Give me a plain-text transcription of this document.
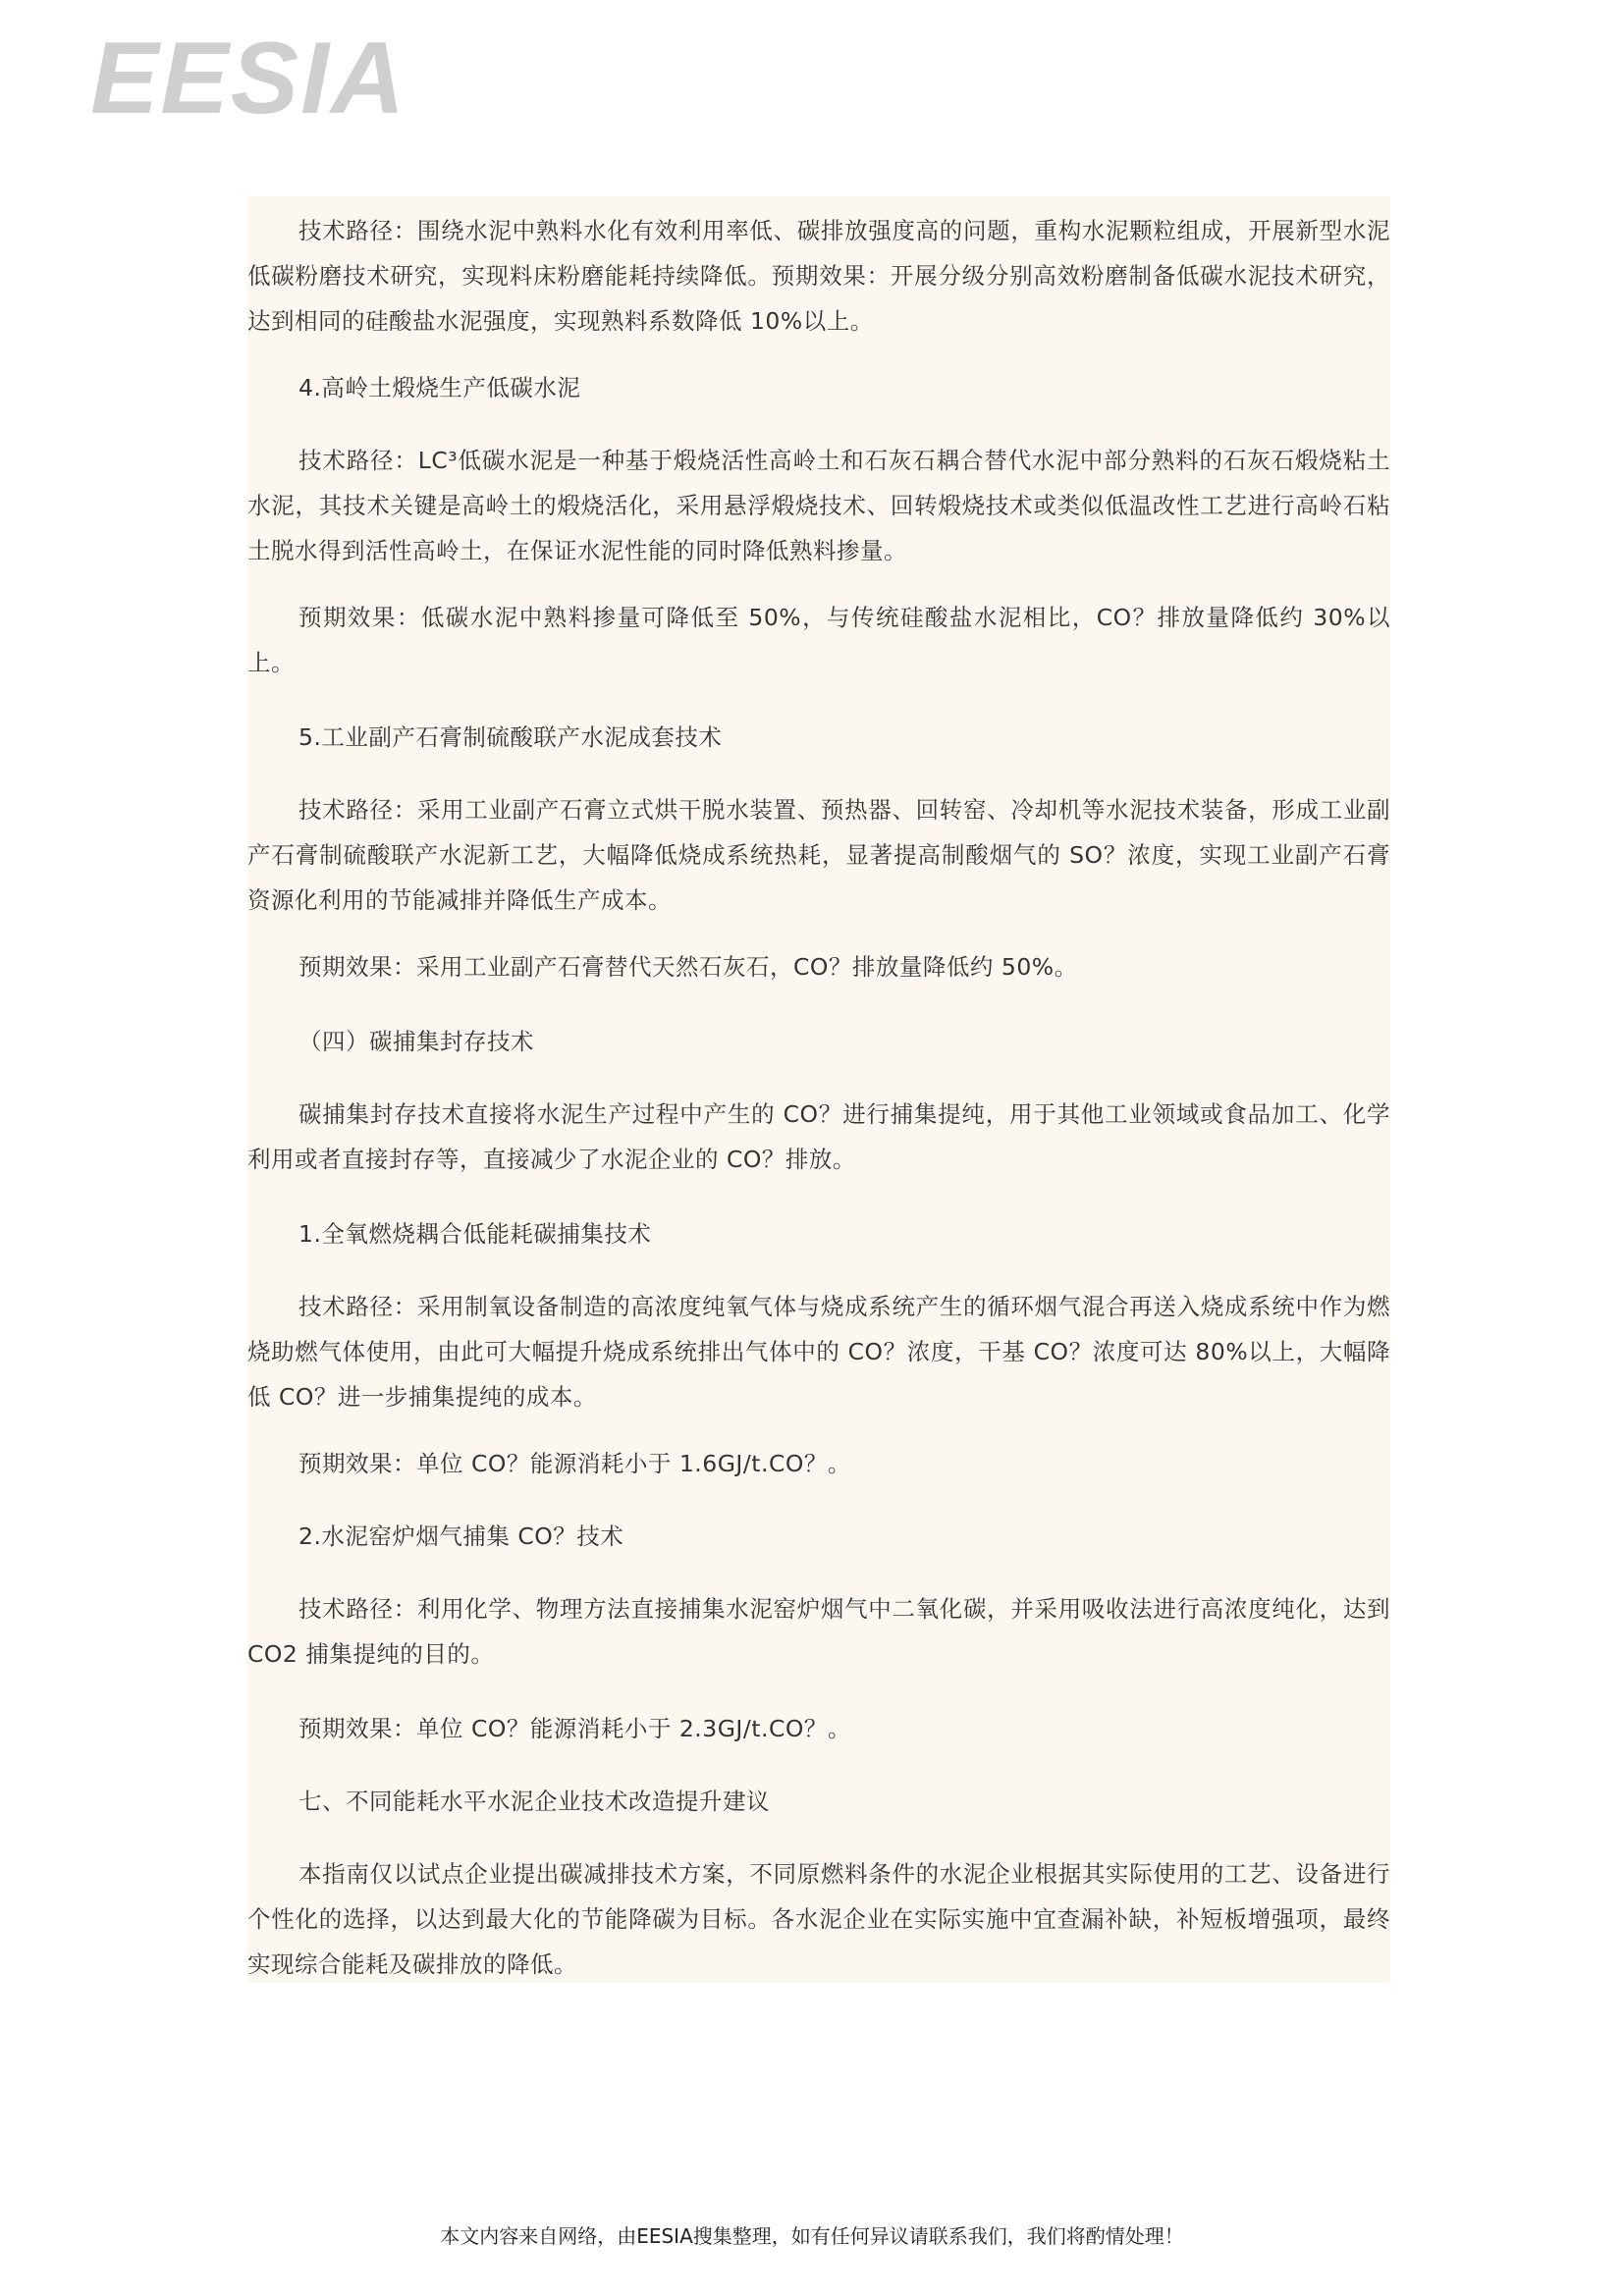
EESIA

技术路径：围绕水泥中熟料水化有效利用率低、碳排放强度高的问题，重构水泥颗粒组成，开展新型水泥低碳粉磨技术研究，实现料床粉磨能耗持续降低。预期效果：开展分级分别高效粉磨制备低碳水泥技术研究，达到相同的硅酸盐水泥强度，实现熟料系数降低 10%以上。

4.高岭土煅烧生产低碳水泥

技术路径：LC³低碳水泥是一种基于煅烧活性高岭土和石灰石耦合替代水泥中部分熟料的石灰石煅烧粘土水泥，其技术关键是高岭土的煅烧活化，采用悬浮煅烧技术、回转煅烧技术或类似低温改性工艺进行高岭石粘土脱水得到活性高岭土，在保证水泥性能的同时降低熟料掺量。

预期效果：低碳水泥中熟料掺量可降低至 50%，与传统硅酸盐水泥相比，CO？排放量降低约 30%以上。

5.工业副产石膏制硫酸联产水泥成套技术

技术路径：采用工业副产石膏立式烘干脱水装置、预热器、回转窑、冷却机等水泥技术装备，形成工业副产石膏制硫酸联产水泥新工艺，大幅降低烧成系统热耗，显著提高制酸烟气的 SO？浓度，实现工业副产石膏资源化利用的节能减排并降低生产成本。

预期效果：采用工业副产石膏替代天然石灰石，CO？排放量降低约 50%。

（四）碳捕集封存技术

碳捕集封存技术直接将水泥生产过程中产生的 CO？进行捕集提纯，用于其他工业领域或食品加工、化学利用或者直接封存等，直接减少了水泥企业的 CO？排放。

1.全氧燃烧耦合低能耗碳捕集技术

技术路径：采用制氧设备制造的高浓度纯氧气体与烧成系统产生的循环烟气混合再送入烧成系统中作为燃烧助燃气体使用，由此可大幅提升烧成系统排出气体中的 CO？浓度，干基 CO？浓度可达 80%以上，大幅降低 CO？进一步捕集提纯的成本。

预期效果：单位 CO？能源消耗小于 1.6GJ/t.CO？。

2.水泥窑炉烟气捕集 CO？技术

技术路径：利用化学、物理方法直接捕集水泥窑炉烟气中二氧化碳，并采用吸收法进行高浓度纯化，达到 CO2 捕集提纯的目的。

预期效果：单位 CO？能源消耗小于 2.3GJ/t.CO？。

七、不同能耗水平水泥企业技术改造提升建议

本指南仅以试点企业提出碳减排技术方案，不同原燃料条件的水泥企业根据其实际使用的工艺、设备进行个性化的选择，以达到最大化的节能降碳为目标。各水泥企业在实际实施中宜查漏补缺，补短板增强项，最终实现综合能耗及碳排放的降低。

本文内容来自网络，由EESIA搜集整理，如有任何异议请联系我们，我们将酌情处理！
